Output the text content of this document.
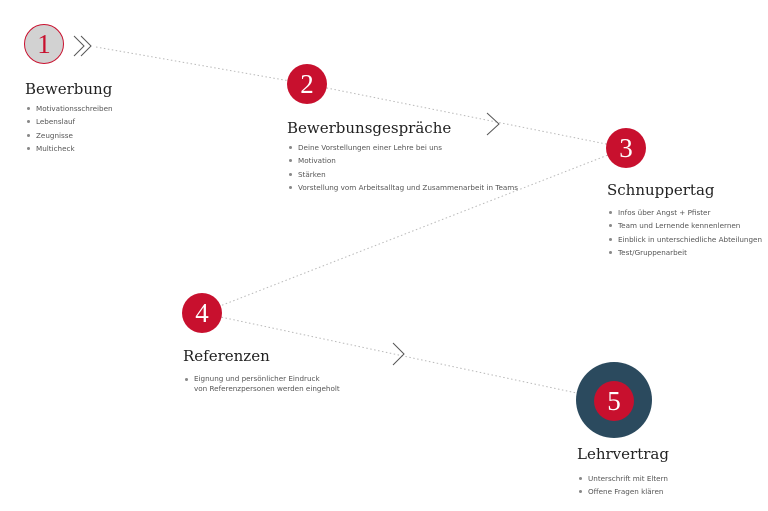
1
Bewerbung
Motivationsschreiben
Lebenslauf
Zeugnisse
Multicheck
2
Bewerbunsgespräche
Deine Vorstellungen einer Lehre bei uns
Motivation
Stärken
Vorstellung vom Arbeitsalltag und Zusammenarbeit in Teams
3
Schnuppertag
Infos über Angst + Pfister
Team und Lernende kennenlernen
Einblick in unterschiedliche Abteilungen
Test/Gruppenarbeit
4
Referenzen
Eignung und persönlicher Eindruck
von Referenzpersonen werden eingeholt	5
Lehrvertrag
Unterschrift mit Eltern
Offene Fragen klären
